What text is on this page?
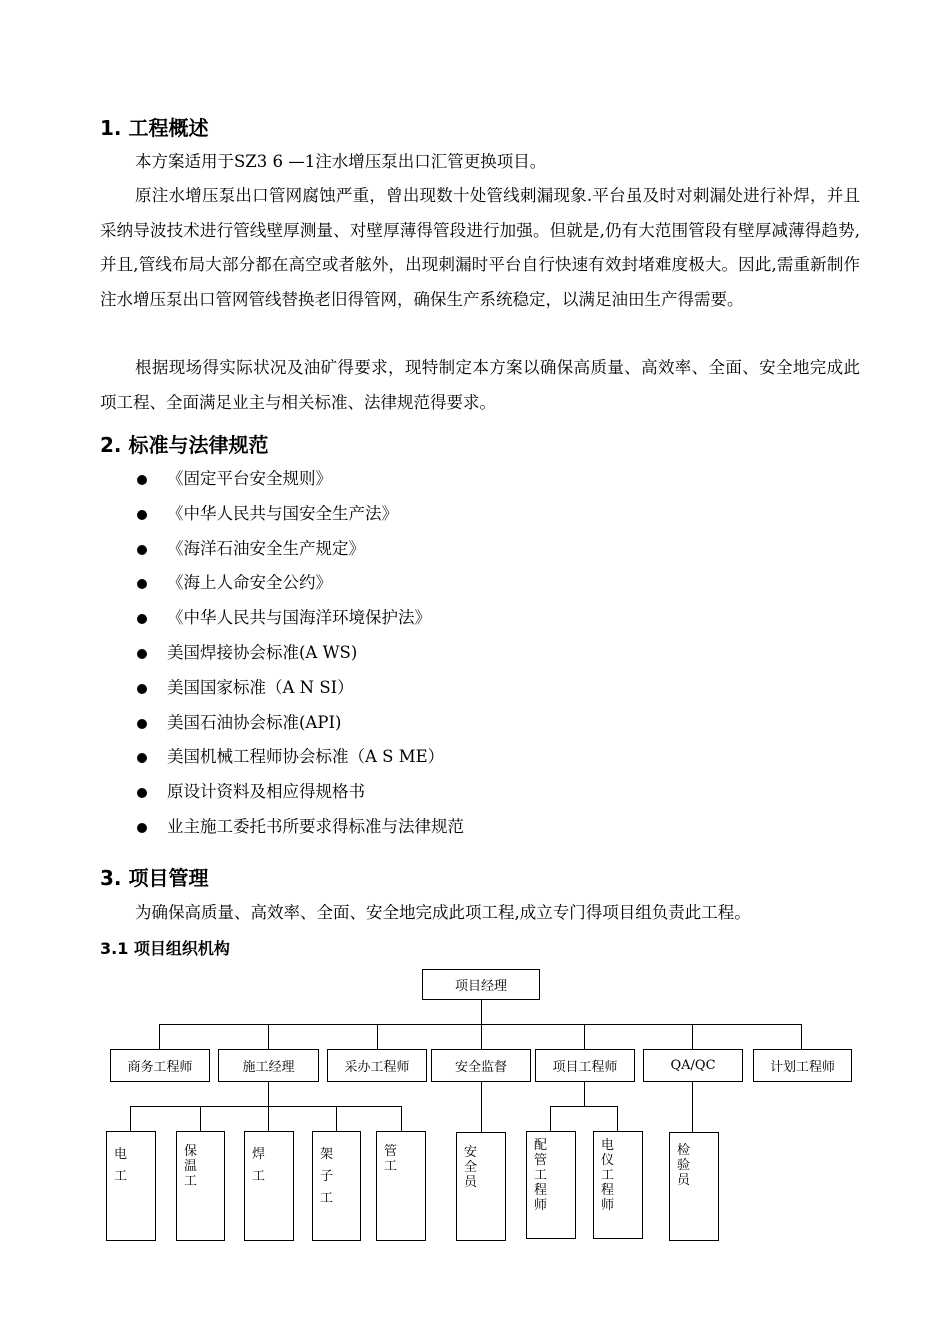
1. 工程概述

本方案适用于SZ3 6 —1注水增压泵出口汇管更换项目。

原注水增压泵出口管网腐蚀严重，曾出现数十处管线刺漏现象.平台虽及时对刺漏处进行补焊，并且采纳导波技术进行管线壁厚测量、对壁厚薄得管段进行加强。但就是,仍有大范围管段有壁厚减薄得趋势,并且,管线布局大部分都在高空或者舷外，出现刺漏时平台自行快速有效封堵难度极大。因此,需重新制作注水增压泵出口管网管线替换老旧得管网，确保生产系统稳定，以满足油田生产得需要。

根据现场得实际状况及油矿得要求，现特制定本方案以确保高质量、高效率、全面、安全地完成此项工程、全面满足业主与相关标准、法律规范得要求。

2. 标准与法律规范
《固定平台安全规则》
《中华人民共与国安全生产法》
《海洋石油安全生产规定》
《海上人命安全公约》
《中华人民共与国海洋环境保护法》
美国焊接协会标准(A WS)
美国国家标准（A N SI）
美国石油协会标准(API)
美国机械工程师协会标准（A S ME）
原设计资料及相应得规格书
业主施工委托书所要求得标准与法律规范
3. 项目管理

为确保高质量、高效率、全面、安全地完成此项工程,成立专门得项目组负责此工程。

3.1 项目组织机构
项目经理
商务工程师	施工经理	采办工程师	安全监督	项目工程师	QA/QC	计划工程师
电工
保温工
焊工
架子工
管工
安全员
配管工程师
电仪工程师
检验员
